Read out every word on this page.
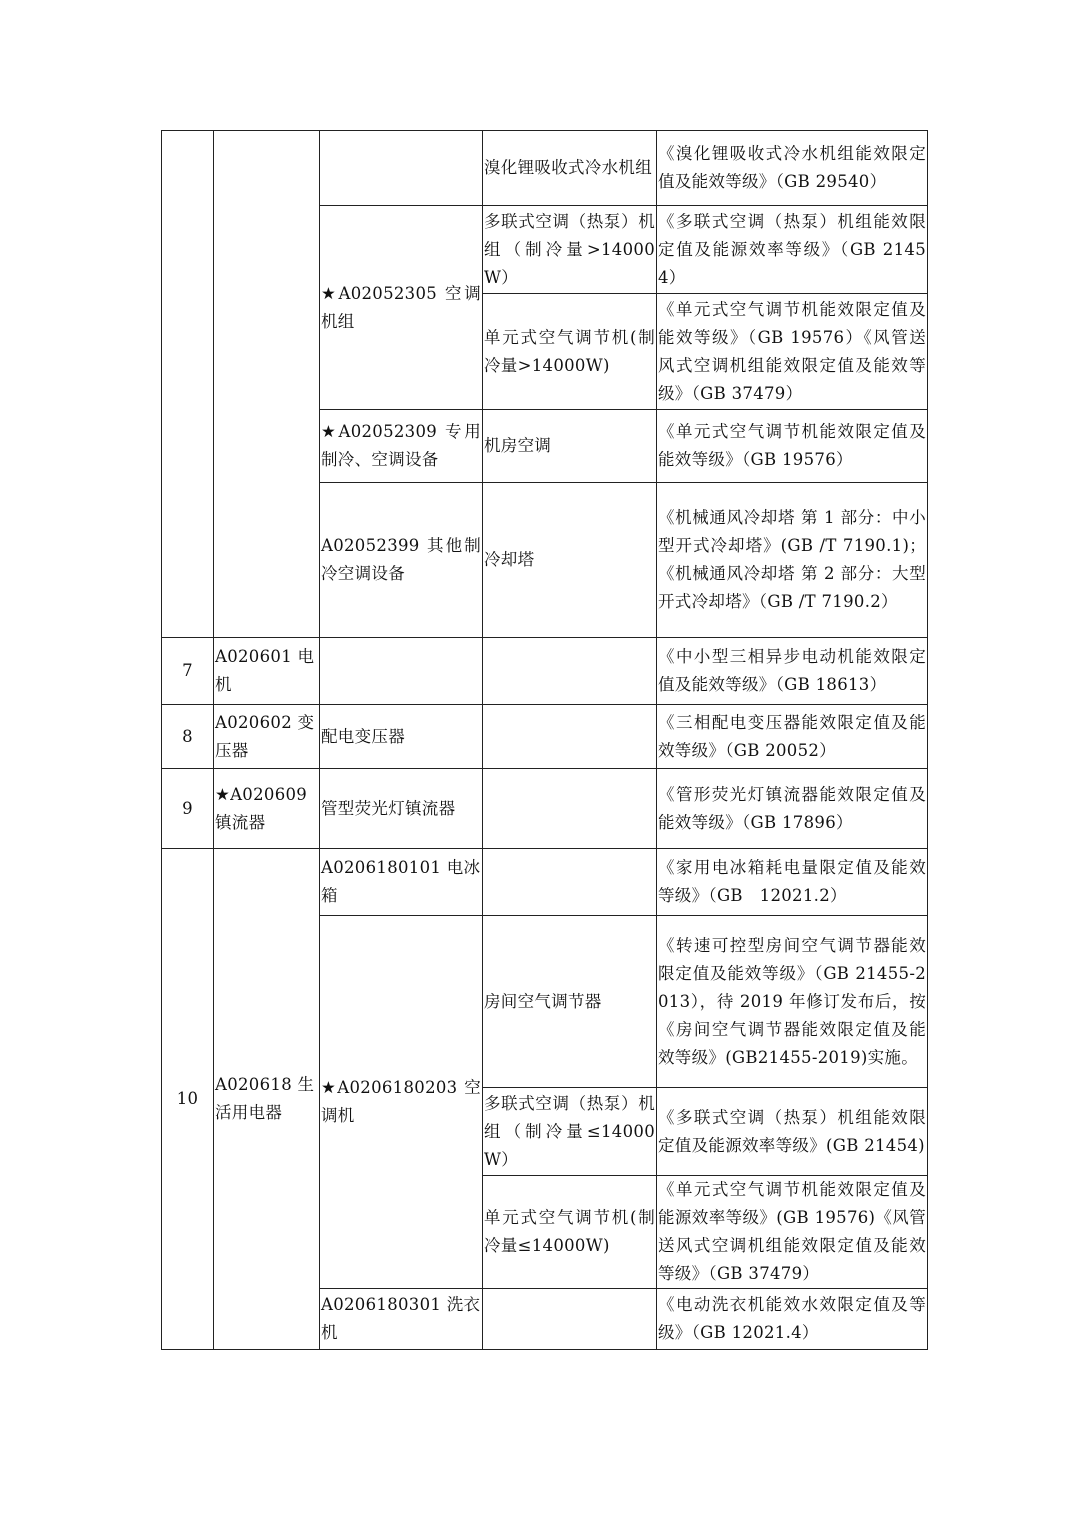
			溴化锂吸收式冷水机组	《溴化锂吸收式冷水机组能效限定值及能效等级》（GB 29540）
		★A02052305 空调机组	多联式空调（热泵）机组（制冷量>14000W）	《多联式空调（热泵）机组能效限定值及能源效率等级》（GB 21454）
			单元式空气调节机(制冷量>14000W)	《单元式空气调节机能效限定值及能效等级》（GB 19576）《风管送风式空调机组能效限定值及能效等级》（GB 37479）
		★A02052309 专用制冷、空调设备	机房空调	《单元式空气调节机能效限定值及能效等级》（GB 19576）
		A02052399 其他制冷空调设备	冷却塔	《机械通风冷却塔 第 1 部分：中小型开式冷却塔》(GB /T 7190.1)；《机械通风冷却塔 第 2 部分：大型开式冷却塔》（GB /T 7190.2）
7	A020601 电机			《中小型三相异步电动机能效限定值及能效等级》（GB 18613）
8	A020602 变压器	配电变压器		《三相配电变压器能效限定值及能效等级》（GB 20052）
9	★A020609 镇流器	管型荧光灯镇流器		《管形荧光灯镇流器能效限定值及能效等级》（GB 17896）
10	A020618 生活用电器	A0206180101 电冰箱		《家用电冰箱耗电量限定值及能效等级》（GB　12021.2）
		★A0206180203 空调机	房间空气调节器	《转速可控型房间空气调节器能效限定值及能效等级》（GB 21455-2013），待 2019 年修订发布后，按《房间空气调节器能效限定值及能效等级》(GB21455-2019)实施。
			多联式空调（热泵）机组（制冷量≤14000W）	《多联式空调（热泵）机组能效限定值及能源效率等级》(GB 21454)
			单元式空气调节机(制冷量≤14000W)	《单元式空气调节机能效限定值及能源效率等级》(GB 19576)《风管送风式空调机组能效限定值及能效等级》（GB 37479）
		A0206180301 洗衣机		《电动洗衣机能效水效限定值及等级》（GB 12021.4）
